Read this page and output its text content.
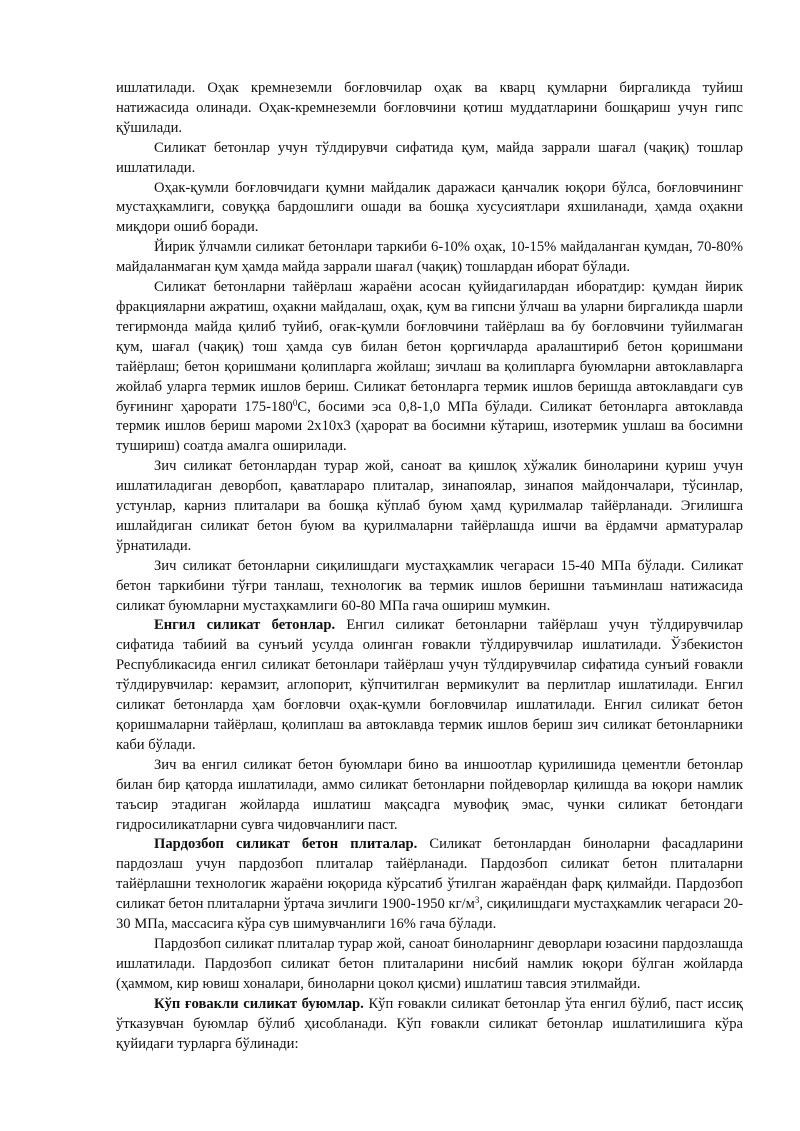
ишлатилади. Оҳак кремнеземли боғловчилар оҳак ва кварц қумларни биргаликда туйиш натижасида олинади. Оҳак-кремнеземли боғловчини қотиш муддатларини бошқариш учун гипс қўшилади.

Силикат бетонлар учун тўлдирувчи сифатида қум, майда заррали шағал (чақиқ) тошлар ишлатилади.

Оҳак-қумли боғловчидаги қумни майдалик даражаси қанчалик юқори бўлса, боғловчининг мустаҳкамлиги, совуққа бардошлиги ошади ва бошқа хусусиятлари яхшиланади, ҳамда оҳакни миқдори ошиб боради.

Йирик ўлчамли силикат бетонлари таркиби 6-10% оҳак, 10-15% майдаланган қумдан, 70-80% майдаланмаган қум ҳамда майда заррали шағал (чақиқ) тошлардан иборат бўлади.

Силикат бетонларни тайёрлаш жараёни асосан қуйидагилардан иборатдир: қумдан йирик фракцияларни ажратиш, оҳакни майдалаш, оҳак, қум ва гипсни ўлчаш ва уларни биргаликда шарли тегирмонда майда қилиб туйиб, оғак-қумли боғловчини тайёрлаш ва бу боғловчини туйилмаган қум, шағал (чақиқ) тош ҳамда сув билан бетон қоргичларда аралаштириб бетон қоришмани тайёрлаш; бетон қоришмани қолипларга жойлаш; зичлаш ва қолипларга буюмларни автоклавларга жойлаб уларга термик ишлов бериш. Силикат бетонларга термик ишлов беришда автоклавдаги сув буғининг ҳарорати $175-180^0С$, босими эса 0,8-1,0 МПа бўлади. Силикат бетонларга автоклавда термик ишлов бериш мароми 2х10х3 (ҳарорат ва босимни кўтариш, изотермик ушлаш ва босимни тушириш) соатда амалга оширилади.

Зич силикат бетонлардан турар жой, саноат ва қишлоқ хўжалик биноларини қуриш учун ишлатиладиган деворбоп, қаватлараро плиталар, зинапоялар, зинапоя майдончалари, тўсинлар, устунлар, карниз плиталари ва бошқа кўплаб буюм ҳамд қурилмалар тайёрланади. Эгилишга ишлайдиган силикат бетон буюм ва қурилмаларни тайёрлашда ишчи ва ёрдамчи арматуралар ўрнатилади.

Зич силикат бетонларни сиқилишдаги мустаҳкамлик чегараси 15-40 МПа бўлади. Силикат бетон таркибини тўғри танлаш, технологик ва термик ишлов беришни таъминлаш натижасида силикат буюмларни мустаҳкамлиги 60-80 МПа гача ошириш мумкин.

Енгил силикат бетонлар. Енгил силикат бетонларни тайёрлаш учун тўлдирувчилар сифатида табиий ва сунъий усулда олинган ғовакли тўлдирувчилар ишлатилади. Ўзбекистон Республикасида енгил силикат бетонлари тайёрлаш учун тўлдирувчилар сифатида сунъий ғовакли тўлдирувчилар: керамзит, аглопорит, кўпчитилган вермикулит ва перлитлар ишлатилади. Енгил силикат бетонларда ҳам боғловчи оҳак-қумли боғловчилар ишлатилади. Енгил силикат бетон қоришмаларни тайёрлаш, қолиплаш ва автоклавда термик ишлов бериш зич силикат бетонларники каби бўлади.

Зич ва енгил силикат бетон буюмлари бино ва иншоотлар қурилишида цементли бетонлар билан бир қаторда ишлатилади, аммо силикат бетонларни пойдеворлар қилишда ва юқори намлик таъсир этадиган жойларда ишлатиш мақсадга мувофиқ эмас, чунки силикат бетондаги гидросиликатларни сувга чидовчанлиги паст.

Пардозбоп силикат бетон плиталар. Силикат бетонлардан биноларни фасадларини пардозлаш учун пардозбоп плиталар тайёрланади. Пардозбоп силикат бетон плиталарни тайёрлашни технологик жараёни юқорида кўрсатиб ўтилган жараёндан фарқ қилмайди. Пардозбоп силикат бетон плиталарни ўртача зичлиги 1900-1950 $кг/м^3$, сиқилишдаги мустаҳкамлик чегараси 20-30 МПа, массасига кўра сув шимувчанлиги 16% гача бўлади.

Пардозбоп силикат плиталар турар жой, саноат биноларнинг деворлари юзасини пардозлашда ишлатилади. Пардозбоп силикат бетон плиталарини нисбий намлик юқори бўлган жойларда (ҳаммом, кир ювиш хоналари, биноларни цокол қисми) ишлатиш тавсия этилмайди.

Кўп ғовакли силикат буюмлар. Кўп ғовакли силикат бетонлар ўта енгил бўлиб, паст иссиқ ўтказувчан буюмлар бўлиб ҳисобланади. Кўп ғовакли силикат бетонлар ишлатилишига кўра қуйидаги турларга бўлинади:
